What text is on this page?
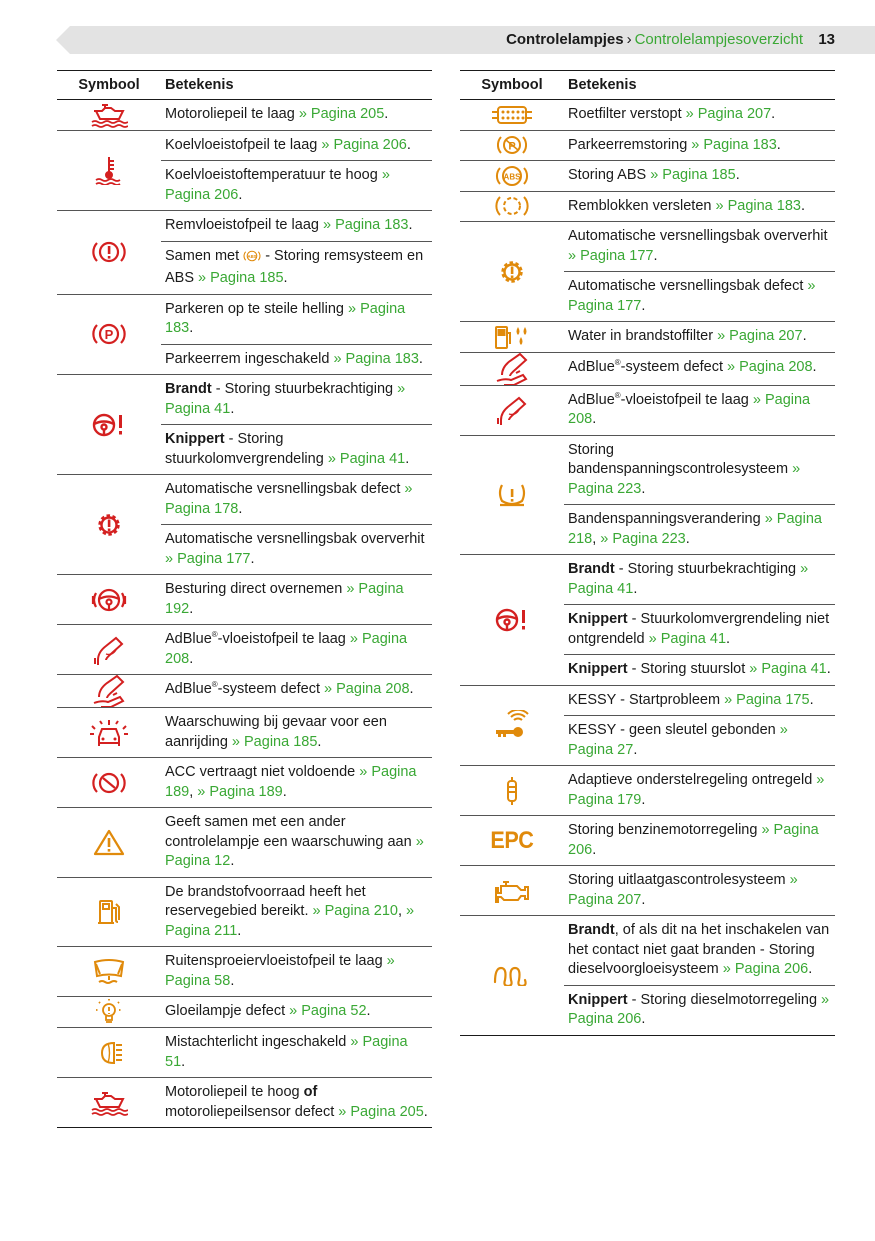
Controlelampjes › Controlelampjesoverzicht 13
Symbool	Betekenis
Motoroliepeil te laag » Pagina 205.
Koelvloeistofpeil te laag » Pagina 206.
Koelvloeistoftemperatuur te hoog » Pagina 206.
Remvloeistofpeil te laag » Pagina 183.
Samen met ABS - Storing remsysteem en ABS » Pagina 185.
P
Parkeren op te steile helling » Pagina 183.
Parkeerrem ingeschakeld » Pagina 183.
Brandt - Storing stuurbekrachtiging » Pagina 41.
Knippert - Storing stuurkolomvergrendeling » Pagina 41.
Automatische versnellingsbak defect » Pagina 178.
Automatische versnellingsbak oververhit » Pagina 177.
Besturing direct overnemen » Pagina 192.
AdBlue®-vloeistofpeil te laag » Pagina 208.
AdBlue®-systeem defect » Pagina 208.
Waarschuwing bij gevaar voor een aanrijding » Pagina 185.
ACC vertraagt niet voldoende » Pagina 189, » Pagina 189.
Geeft samen met een ander controlelampje een waarschuwing aan » Pagina 12.
De brandstofvoorraad heeft het reservegebied bereikt. » Pagina 210, » Pagina 211.
Ruitensproeiervloeistofpeil te laag » Pagina 58.
Gloeilampje defect » Pagina 52.
Mistachterlicht ingeschakeld » Pagina 51.
Motoroliepeil te hoog of motoroliepeilsensor defect » Pagina 205.
Symbool	Betekenis
Roetfilter verstopt » Pagina 207.
P	Parkeerremstoring » Pagina 183.
ABS	Storing ABS » Pagina 185.
Remblokken versleten » Pagina 183.
Automatische versnellingsbak oververhit » Pagina 177.
Automatische versnellingsbak defect » Pagina 177.
Water in brandstoffilter » Pagina 207.
AdBlue®-systeem defect » Pagina 208.
AdBlue®-vloeistofpeil te laag » Pagina 208.
Storing bandenspanningscontrolesysteem » Pagina 223.
Bandenspanningsverandering » Pagina 218, » Pagina 223.
Brandt - Storing stuurbekrachtiging » Pagina 41.
Knippert - Stuurkolomvergrendeling niet ontgrendeld » Pagina 41.
Knippert - Storing stuurslot » Pagina 41.
KESSY - Startprobleem » Pagina 175.
KESSY - geen sleutel gebonden » Pagina 27.
Adaptieve onderstelregeling ontregeld » Pagina 179.
EPC Storing benzinemotorregeling » Pagina 206.
Storing uitlaatgascontrolesysteem » Pagina 207.
Brandt, of als dit na het inschakelen van het contact niet gaat branden - Storing dieselvoorgloeisysteem » Pagina 206.
Knippert - Storing dieselmotorregeling » Pagina 206.
